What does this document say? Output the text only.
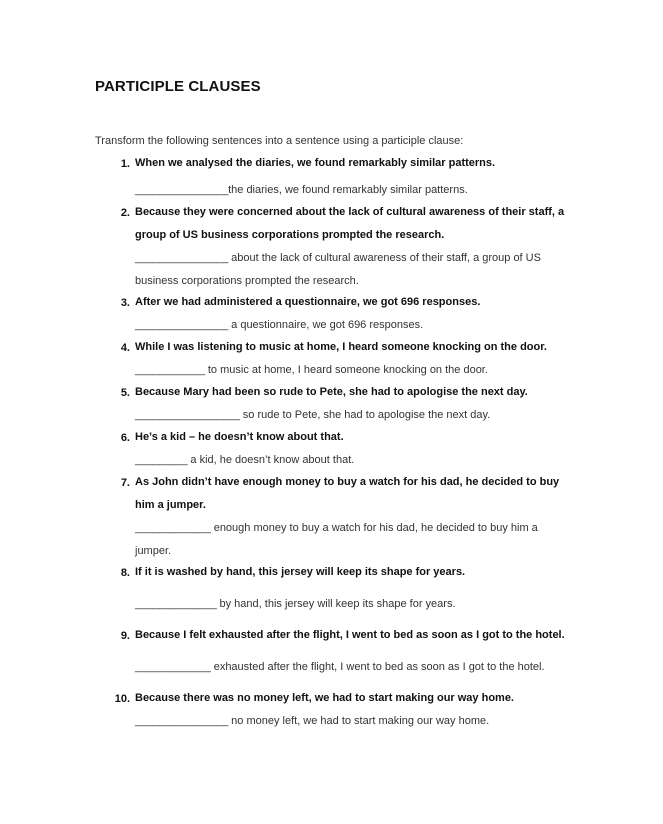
PARTICIPLE CLAUSES
Transform the following sentences into a sentence using a participle clause:
1. When we analysed the diaries, we found remarkably similar patterns.
________________the diaries, we found remarkably similar patterns.
2. Because they were concerned about the lack of cultural awareness of their staff, a group of US business corporations prompted the research.
________________ about the lack of cultural awareness of their staff, a group of US business corporations prompted the research.
3. After we had administered a questionnaire, we got 696 responses.
________________ a questionnaire, we got 696 responses.
4. While I was listening to music at home, I heard someone knocking on the door.
____________ to music at home, I heard someone knocking on the door.
5. Because Mary had been so rude to Pete, she had to apologise the next day.
__________________ so rude to Pete, she had to apologise the next day.
6. He’s a kid – he doesn’t know about that.
_________ a kid, he doesn’t know about that.
7. As John didn’t have enough money to buy a watch for his dad, he decided to buy him a jumper.
_____________ enough money to buy a watch for his dad, he decided to buy him a jumper.
8. If it is washed by hand, this jersey will keep its shape for years.
______________ by hand, this jersey will keep its shape for years.
9. Because I felt exhausted after the flight, I went to bed as soon as I got to the hotel.
_____________ exhausted after the flight, I went to bed as soon as I got to the hotel.
10. Because there was no money left, we had to start making our way home.
________________ no money left, we had to start making our way home.
